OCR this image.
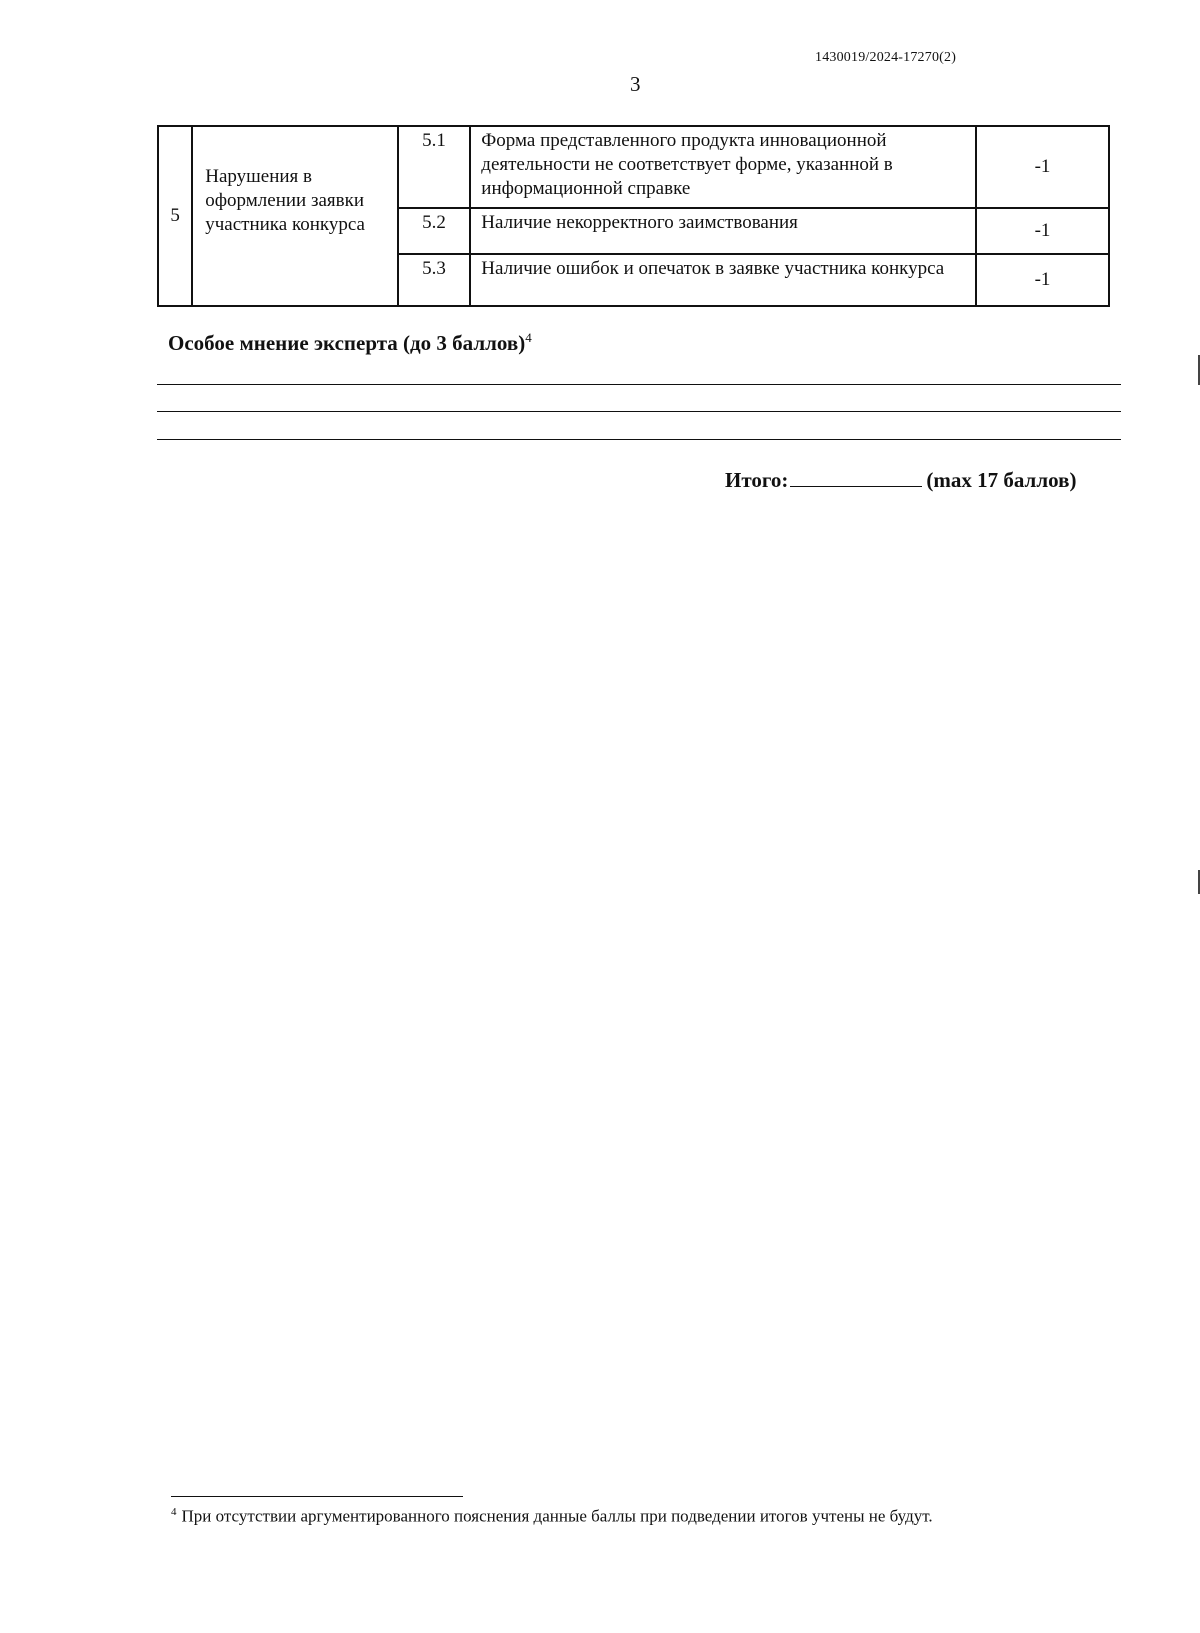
1430019/2024-17270(2)
3
5	Нарушения в оформлении заявки участника конкурса	5.1	Форма представленного продукта инновационной деятельности не соответствует форме, указанной в информационной справке	-1
		5.2	Наличие некорректного заимствования	-1
		5.3	Наличие ошибок и опечаток в заявке участника конкурса	-1
Особое мнение эксперта (до 3 баллов)$^4$
Итого:	(max 17 баллов)
$^4$ При отсутствии аргументированного пояснения данные баллы при подведении итогов учтены не будут.
